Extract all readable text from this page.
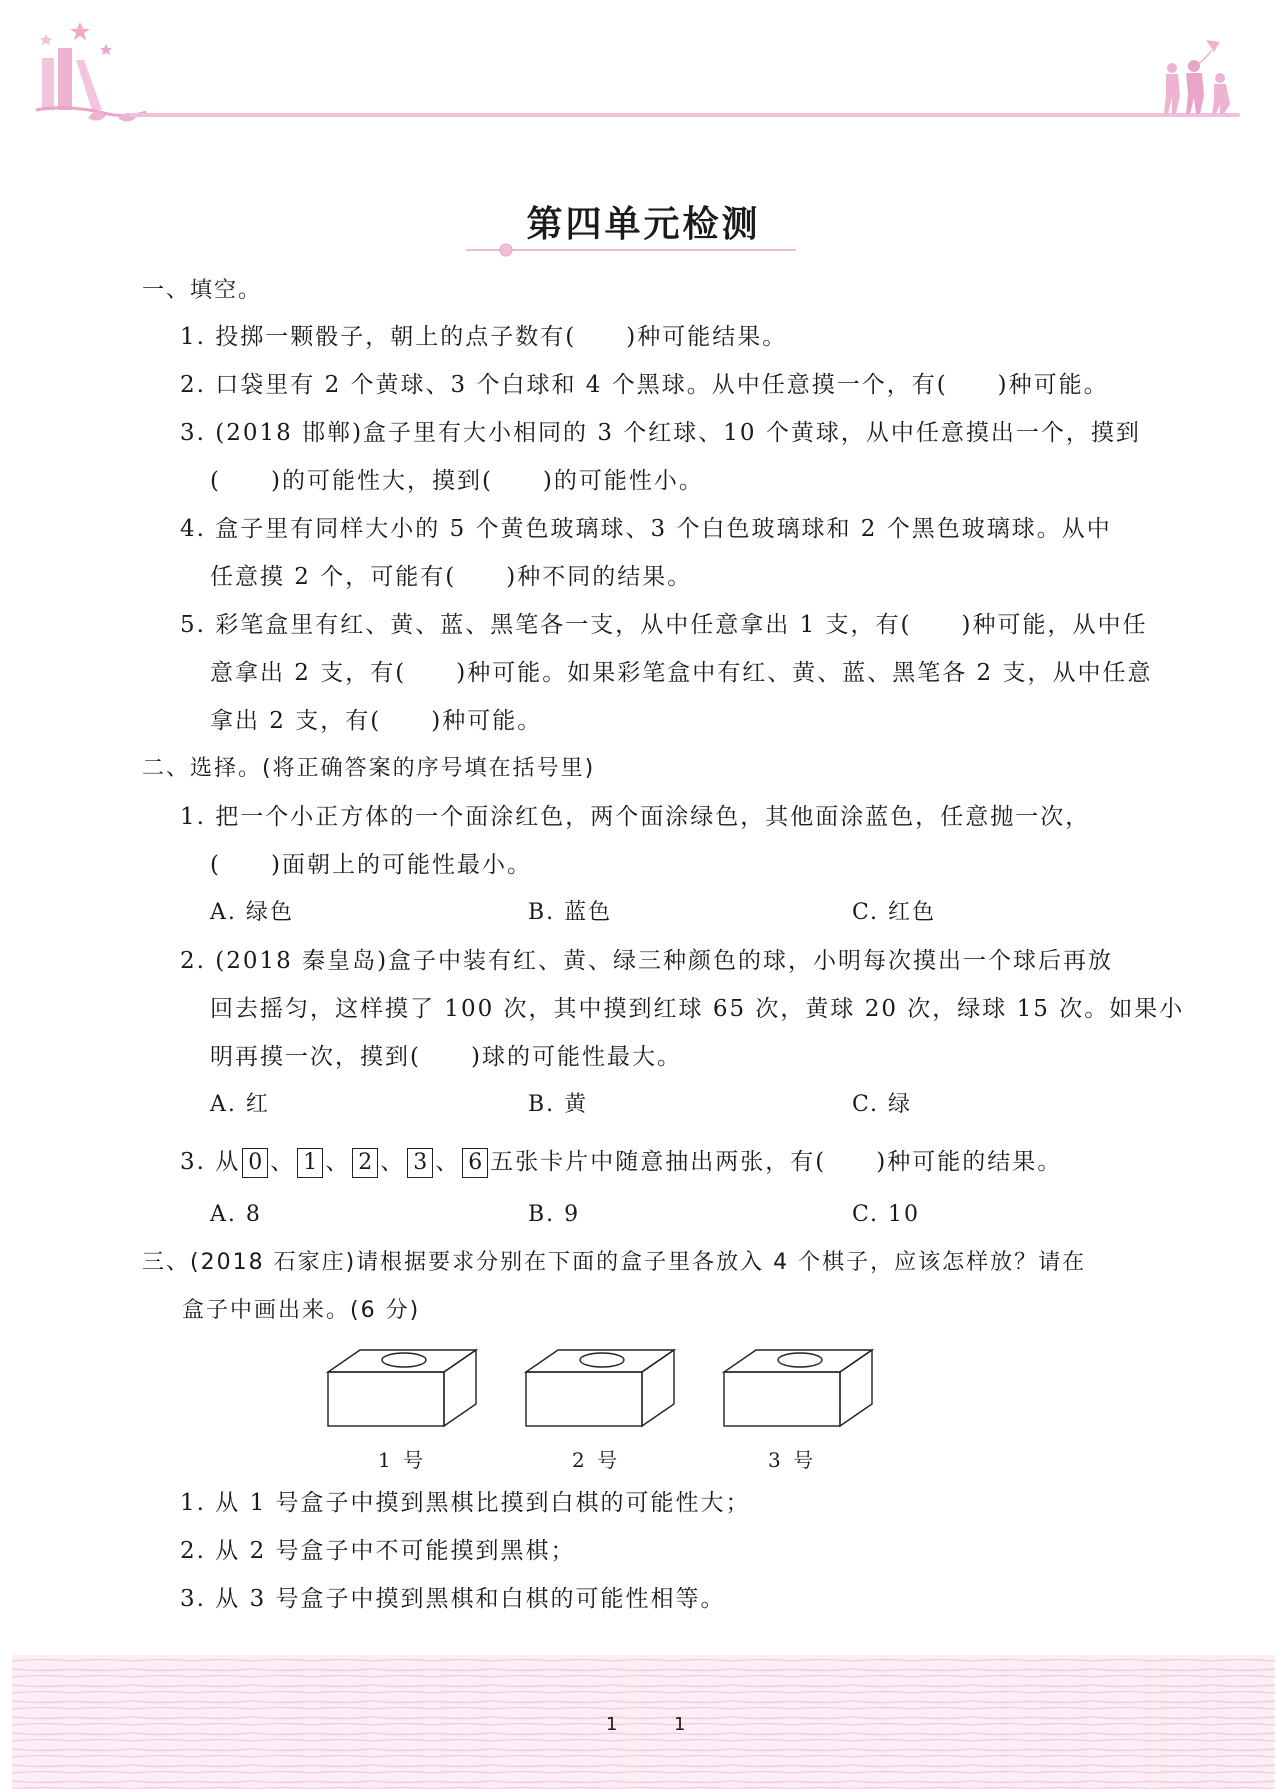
第四单元检测
一、填空。
1. 投掷一颗骰子，朝上的点子数有(　　)种可能结果。
2. 口袋里有 2 个黄球、3 个白球和 4 个黑球。从中任意摸一个，有(　　)种可能。
3. (2018 邯郸)盒子里有大小相同的 3 个红球、10 个黄球，从中任意摸出一个，摸到
(　　)的可能性大，摸到(　　)的可能性小。
4. 盒子里有同样大小的 5 个黄色玻璃球、3 个白色玻璃球和 2 个黑色玻璃球。从中
任意摸 2 个，可能有(　　)种不同的结果。
5. 彩笔盒里有红、黄、蓝、黑笔各一支，从中任意拿出 1 支，有(　　)种可能，从中任
意拿出 2 支，有(　　)种可能。如果彩笔盒中有红、黄、蓝、黑笔各 2 支，从中任意
拿出 2 支，有(　　)种可能。
二、选择。(将正确答案的序号填在括号里)
1. 把一个小正方体的一个面涂红色，两个面涂绿色，其他面涂蓝色，任意抛一次，
(　　)面朝上的可能性最小。
A. 绿色	B. 蓝色	C. 红色
2. (2018 秦皇岛)盒子中装有红、黄、绿三种颜色的球，小明每次摸出一个球后再放
回去摇匀，这样摸了 100 次，其中摸到红球 65 次，黄球 20 次，绿球 15 次。如果小
明再摸一次，摸到(　　)球的可能性最大。
A. 红	B. 黄	C. 绿
3. 从 0 、 1 、 2 、 3 、 6 五张卡片中随意抽出两张，有(　　)种可能的结果。
A. 8	B. 9	C. 10
三、(2018 石家庄)请根据要求分别在下面的盒子里各放入 4 个棋子，应该怎样放？请在
盒子中画出来。(6 分)
1 号	2 号	3 号
1. 从 1 号盒子中摸到黑棋比摸到白棋的可能性大；
2. 从 2 号盒子中不可能摸到黑棋；
3. 从 3 号盒子中摸到黑棋和白棋的可能性相等。
1	1
